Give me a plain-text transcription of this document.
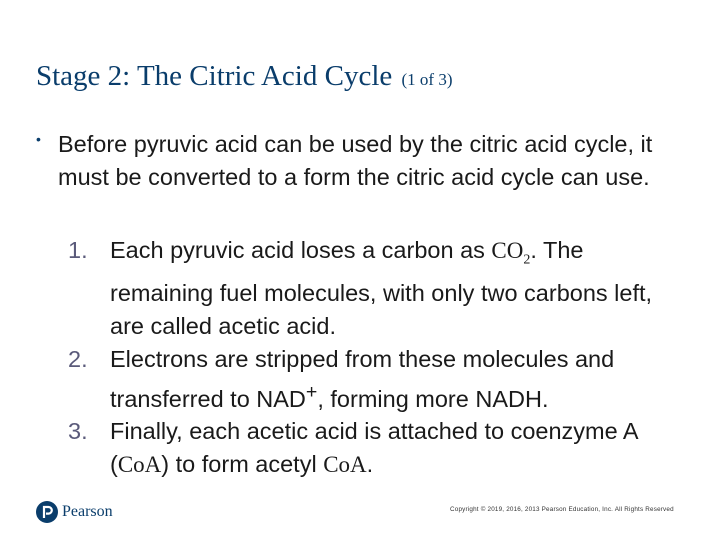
Stage 2: The Citric Acid Cycle (1 of 3)
• Before pyruvic acid can be used by the citric acid cycle, it must be converted to a form the citric acid cycle can use.
1. Each pyruvic acid loses a carbon as $CO_2$. The remaining fuel molecules, with only two carbons left, are called acetic acid.
2. Electrons are stripped from these molecules and transferred to NAD+, forming more NADH.
3. Finally, each acetic acid is attached to coenzyme A (CoA) to form acetyl CoA.
Pearson	Copyright © 2019, 2016, 2013 Pearson Education, Inc. All Rights Reserved
